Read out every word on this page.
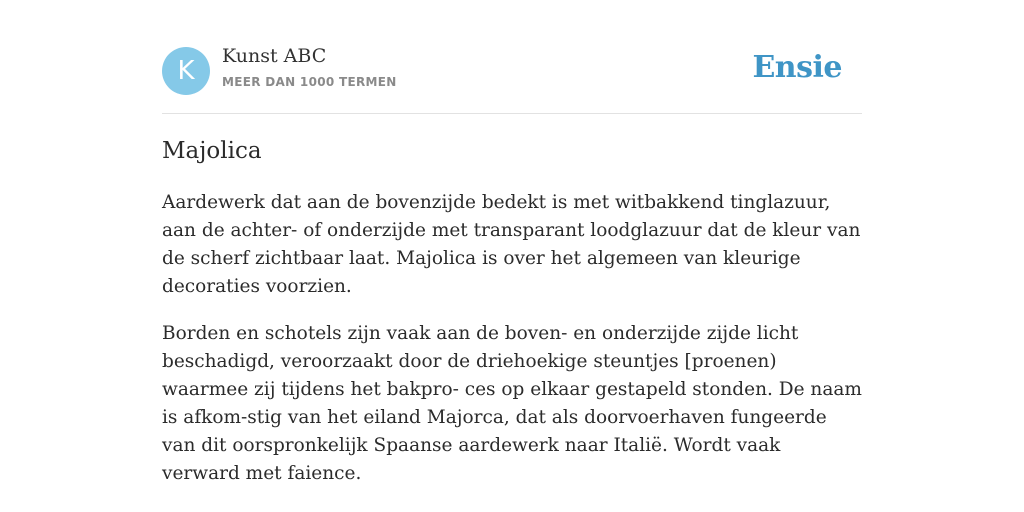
K	Kunst ABC
MEER DAN 1000 TERMEN	Ensie
Majolica

Aardewerk dat aan de bovenzijde bedekt is met witbakkend tinglazuur, aan de achter- of onderzijde met transparant loodglazuur dat de kleur van de scherf zichtbaar laat. Majolica is over het algemeen van kleurige decoraties voorzien.

Borden en schotels zijn vaak aan de boven- en onderzijde zijde licht beschadigd, veroorzaakt door de driehoekige steuntjes [proenen) waarmee zij tijdens het bakpro- ces op elkaar gestapeld stonden. De naam is afkom-stig van het eiland Majorca, dat als doorvoerhaven fungeerde van dit oorspronkelijk Spaanse aardewerk naar Italië. Wordt vaak verward met faience.
